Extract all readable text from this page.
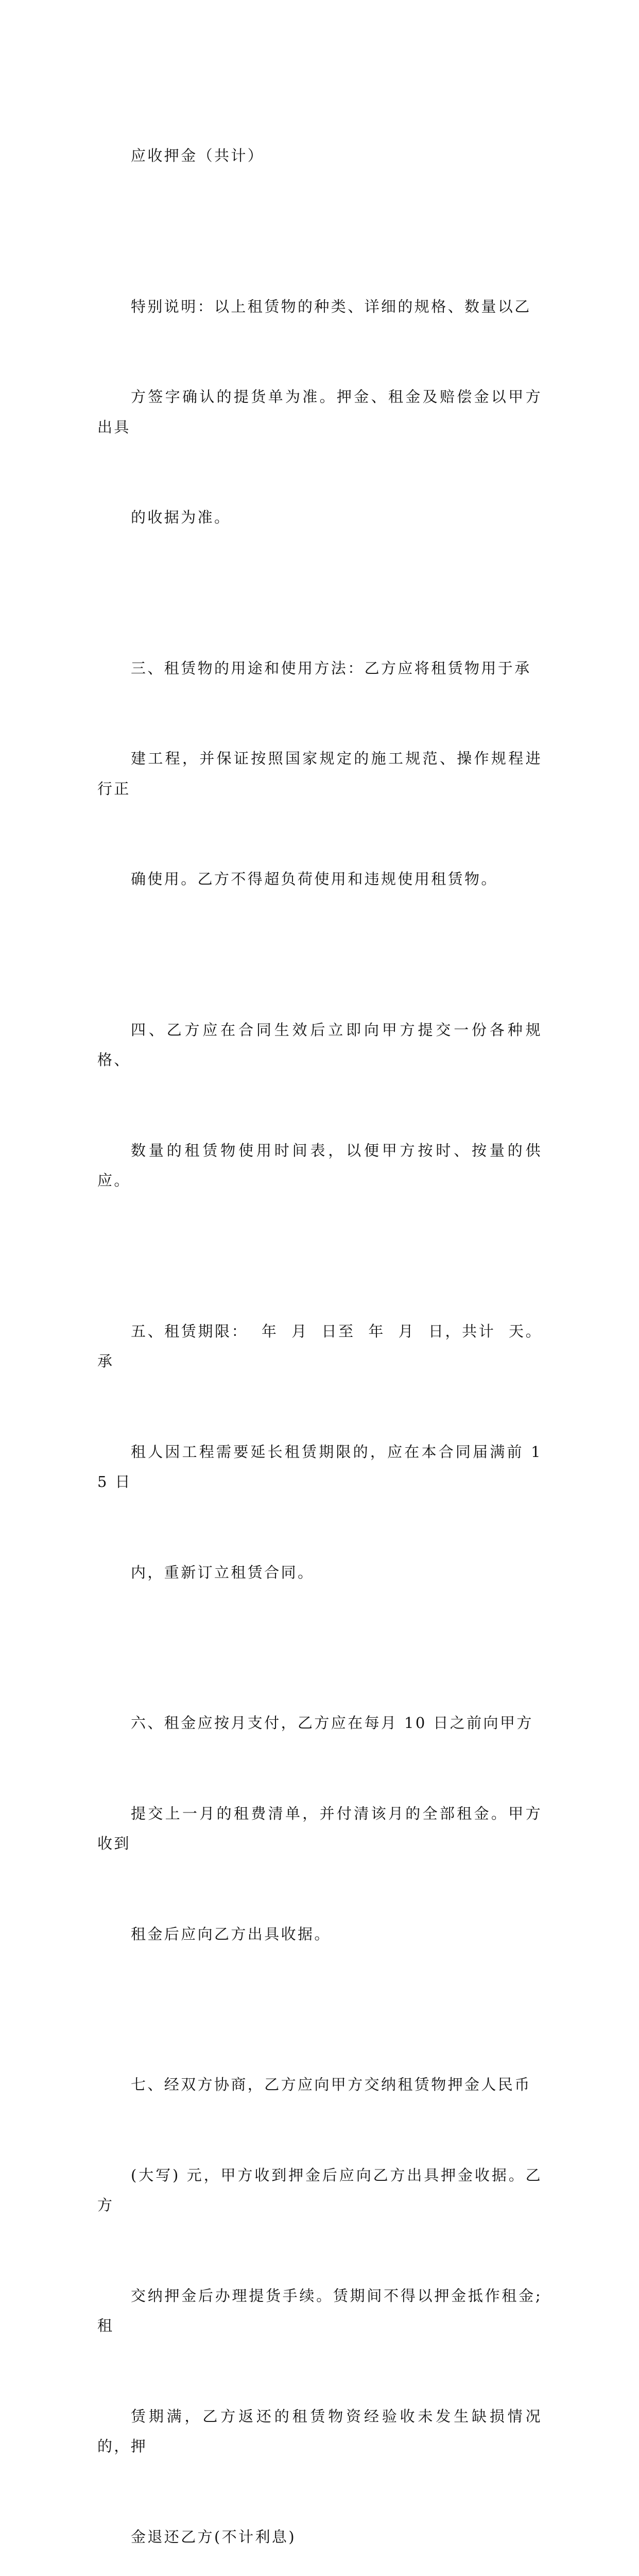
应收押金（共计）

特别说明：以上租赁物的种类、详细的规格、数量以乙

方签字确认的提货单为准。押金、租金及赔偿金以甲方出具

的收据为准。

三、租赁物的用途和使用方法：乙方应将租赁物用于承

建工程，并保证按照国家规定的施工规范、操作规程进行正

确使用。乙方不得超负荷使用和违规使用租赁物。

四、乙方应在合同生效后立即向甲方提交一份各种规格、

数量的租赁物使用时间表，以便甲方按时、按量的供应。

五、租赁期限：  年  月  日至  年  月  日，共计  天。承

租人因工程需要延长租赁期限的，应在本合同届满前 15 日

内，重新订立租赁合同。

六、租金应按月支付，乙方应在每月 10 日之前向甲方

提交上一月的租费清单，并付清该月的全部租金。甲方收到

租金后应向乙方出具收据。

七、经双方协商，乙方应向甲方交纳租赁物押金人民币

(大写) 元，甲方收到押金后应向乙方出具押金收据。乙方

交纳押金后办理提货手续。赁期间不得以押金抵作租金;租

赁期满，乙方返还的租赁物资经验收未发生缺损情况的，押

金退还乙方(不计利息)
